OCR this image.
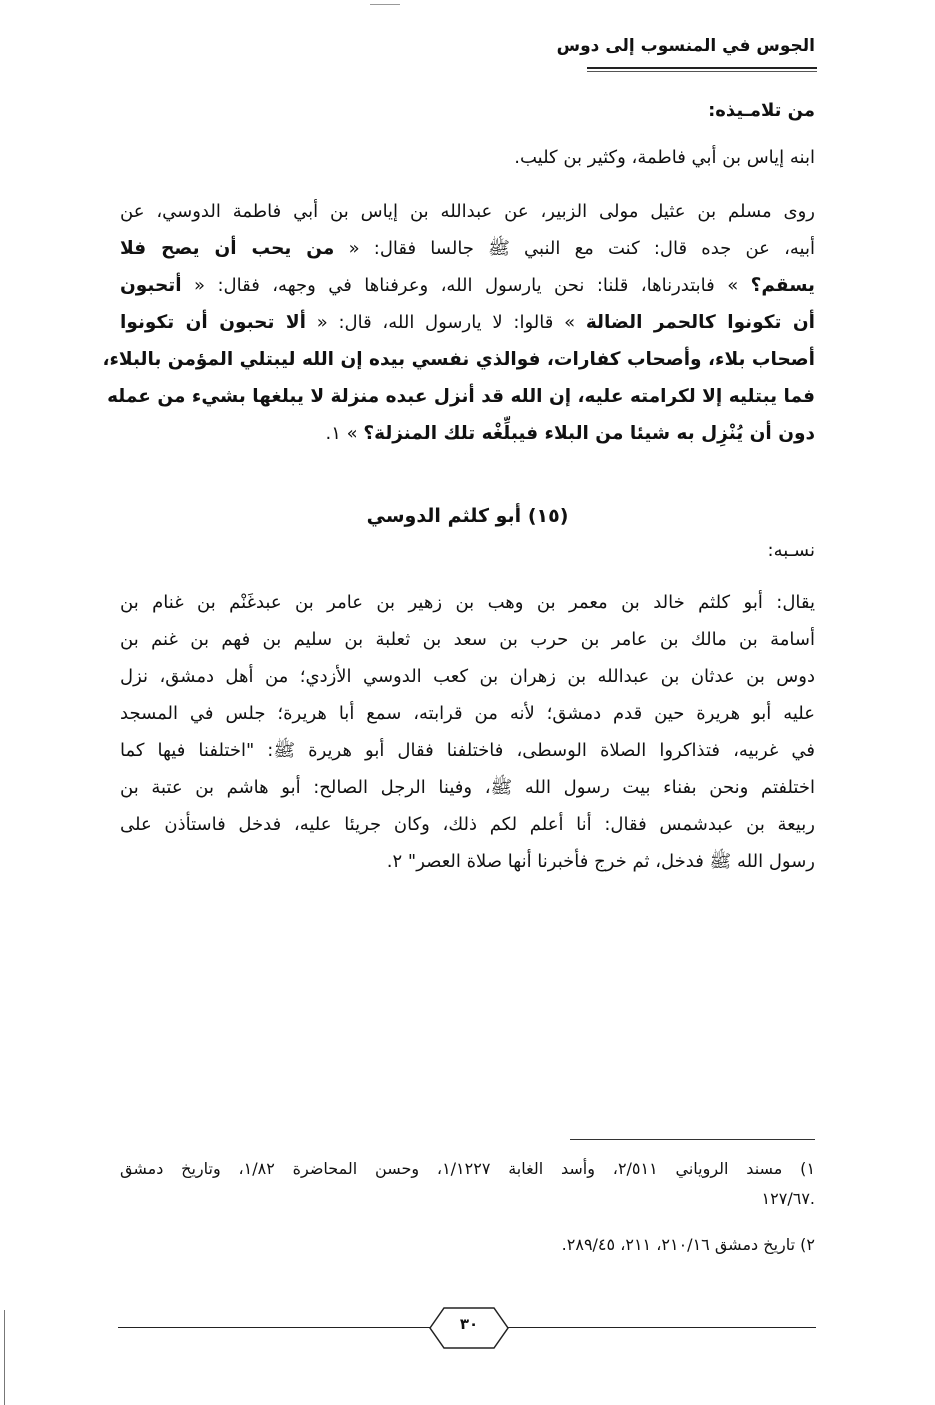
الجوس في المنسوب إلى دوس
من تلامـيذه:
ابنه إياس بن أبي فاطمة، وكثير بن كليب.
روى مسلم بن عثيل مولى الزبير، عن عبدالله بن إياس بن أبي فاطمة الدوسي، عن
أبيه، عن جده قال: كنت مع النبي ﷺ جالسا فقال: « من يحب أن يصح فلا
يسقم؟ » فابتدرناها، قلنا: نحن يارسول الله، وعرفناها في وجهه، فقال: « أتحبون
أن تكونوا كالحمر الضالة » قالوا: لا يارسول الله، قال: « ألا تحبون أن تكونوا
أصحاب بلاء، وأصحاب كفارات، فوالذي نفسي بيده إن الله ليبتلي المؤمن بالبلاء،
فما يبتليه إلا لكرامته عليه، إن الله قد أنزل عبده منزلة لا يبلغها بشيء من عمله
دون أن يُنْزِل به شيئا من البلاء فيبلِّغْه تلك المنزلة؟ » ١.
(١٥) أبو كلثم الدوسي
نسـبه:
يقال: أبو كلثم خالد بن معمر بن وهب بن زهير بن عامر بن عبدغَنْم بن غنام بن
أسامة بن مالك بن عامر بن حرب بن سعد بن ثعلبة بن سليم بن فهم بن غنم بن
دوس بن عدثان بن عبدالله بن زهران بن كعب الدوسي الأزدي؛ من أهل دمشق، نزل
عليه أبو هريرة حين قدم دمشق؛ لأنه من قرابته، سمع أبا هريرة؛ جلس في المسجد
في غربيه، فتذاكروا الصلاة الوسطى، فاختلفنا فقال أبو هريرة ﷺ: "اختلفنا فيها كما
اختلفتم ونحن بفناء بيت رسول الله ﷺ، وفينا الرجل الصالح: أبو هاشم بن عتبة بن
ربيعة بن عبدشمس فقال: أنا أعلم لكم ذلك، وكان جريئا عليه، فدخل فاستأذن على
رسول الله ﷺ فدخل، ثم خرج فأخبرنا أنها صلاة العصر" ٢.
١) مسند الروياني ٢/٥١١، وأسد الغابة ١/١٢٢٧، وحسن المحاضرة ١/٨٢، وتاريخ دمشق
.١٢٧/٦٧
٢) تاريخ دمشق ٢١٠/١٦، ٢١١، ٢٨٩/٤٥.
٣٠
